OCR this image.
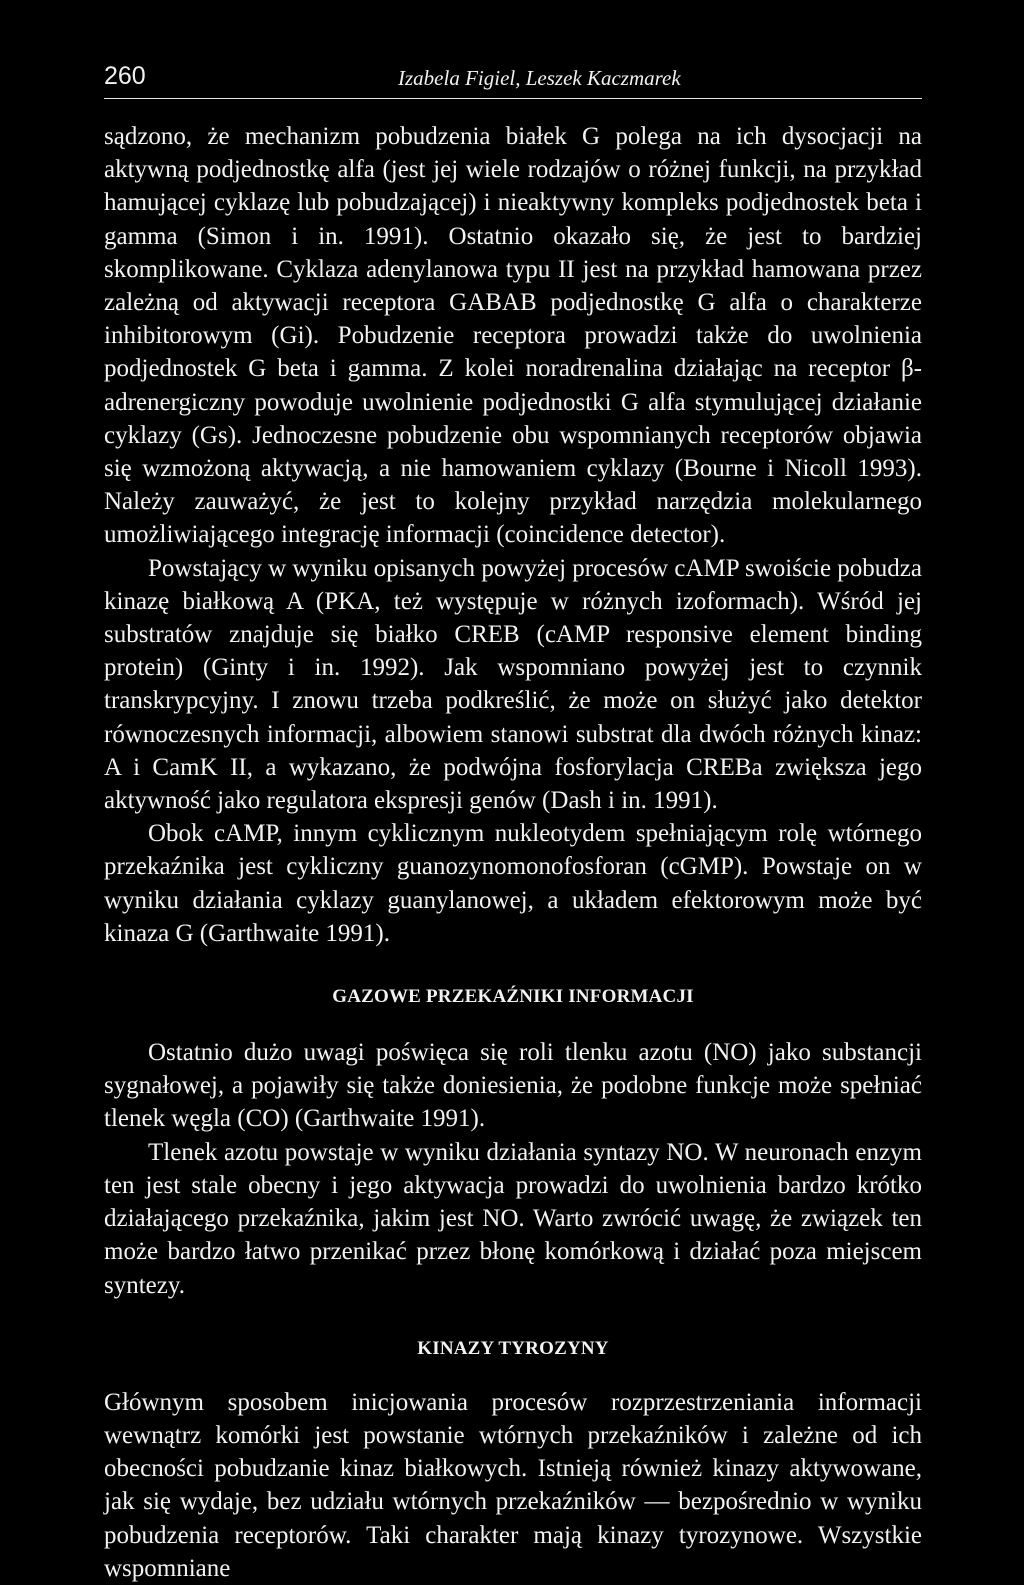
260	Izabela Figiel, Leszek Kaczmarek

sądzono, że mechanizm pobudzenia białek G polega na ich dysocjacji na aktywną podjednostkę alfa (jest jej wiele rodzajów o różnej funkcji, na przykład hamującej cyklazę lub pobudzającej) i nieaktywny kompleks podjednostek beta i gamma (Simon i in. 1991). Ostatnio okazało się, że jest to bardziej skomplikowane. Cyklaza adenylanowa typu II jest na przykład hamowana przez zależną od aktywacji receptora GABAB podjednostkę G alfa o charakterze inhibitorowym (Gi). Pobudzenie receptora prowadzi także do uwolnienia podjednostek G beta i gamma. Z kolei noradrenalina działając na receptor β-adrenergiczny powoduje uwolnienie podjednostki G alfa stymulującej działanie cyklazy (Gs). Jednoczesne pobudzenie obu wspomnianych receptorów objawia się wzmożoną aktywacją, a nie hamowaniem cyklazy (Bourne i Nicoll 1993). Należy zauważyć, że jest to kolejny przykład narzędzia molekularnego umożliwiającego integrację informacji (coincidence detector).

Powstający w wyniku opisanych powyżej procesów cAMP swoiście pobudza kinazę białkową A (PKA, też występuje w różnych izoformach). Wśród jej substratów znajduje się białko CREB (cAMP responsive element binding protein) (Ginty i in. 1992). Jak wspomniano powyżej jest to czynnik transkrypcyjny. I znowu trzeba podkreślić, że może on służyć jako detektor równoczesnych informacji, albowiem stanowi substrat dla dwóch różnych kinaz: A i CamK II, a wykazano, że podwójna fosforylacja CREBa zwiększa jego aktywność jako regulatora ekspresji genów (Dash i in. 1991).

Obok cAMP, innym cyklicznym nukleotydem spełniającym rolę wtórnego przekaźnika jest cykliczny guanozynomonofosforan (cGMP). Powstaje on w wyniku działania cyklazy guanylanowej, a układem efektorowym może być kinaza G (Garthwaite 1991).

GAZOWE PRZEKAŹNIKI INFORMACJI

Ostatnio dużo uwagi poświęca się roli tlenku azotu (NO) jako substancji sygnałowej, a pojawiły się także doniesienia, że podobne funkcje może spełniać tlenek węgla (CO) (Garthwaite 1991).

Tlenek azotu powstaje w wyniku działania syntazy NO. W neuronach enzym ten jest stale obecny i jego aktywacja prowadzi do uwolnienia bardzo krótko działającego przekaźnika, jakim jest NO. Warto zwrócić uwagę, że związek ten może bardzo łatwo przenikać przez błonę komórkową i działać poza miejscem syntezy.

KINAZY TYROZYNY

Głównym sposobem inicjowania procesów rozprzestrzeniania informacji wewnątrz komórki jest powstanie wtórnych przekaźników i zależne od ich obecności pobudzanie kinaz białkowych. Istnieją również kinazy aktywowane, jak się wydaje, bez udziału wtórnych przekaźników — bezpośrednio w wyniku pobudzenia receptorów. Taki charakter mają kinazy tyrozynowe. Wszystkie wspomniane
